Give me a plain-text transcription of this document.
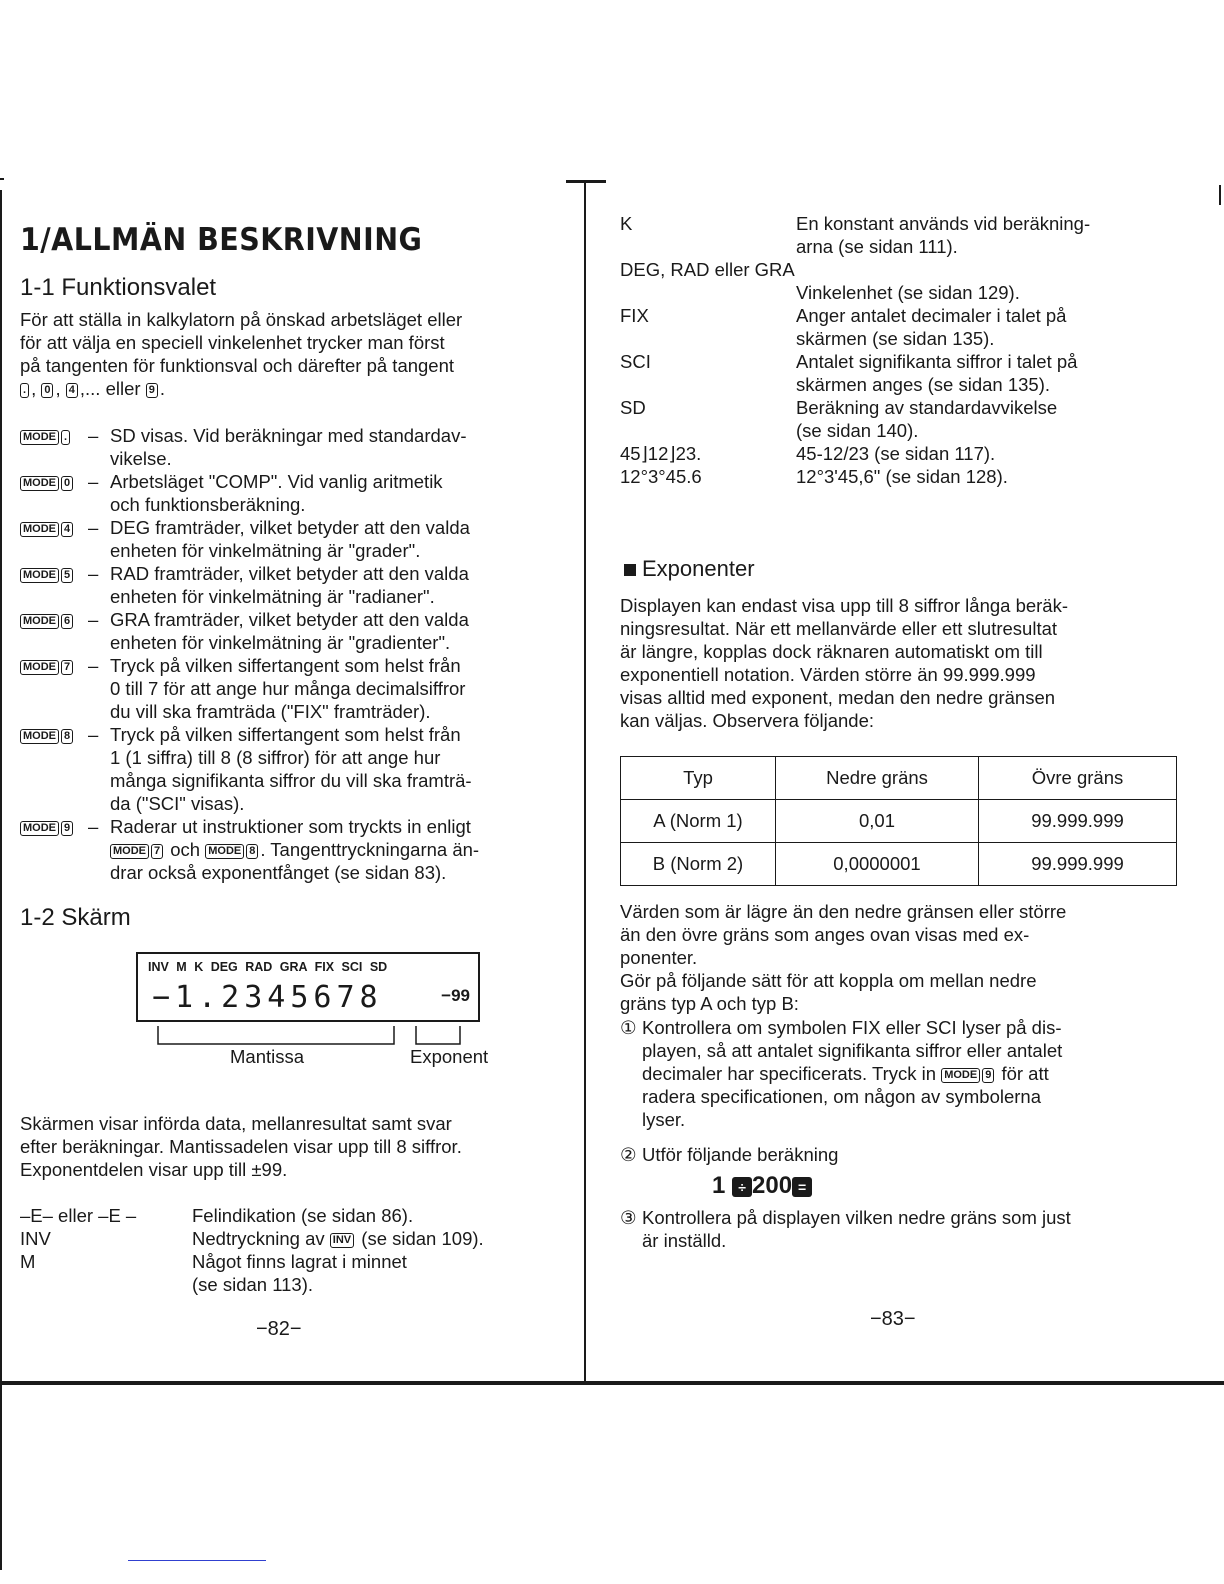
1/ALLMÄN BESKRIVNING
1-1 Funktionsvalet

För att ställa in kalkylatorn på önskad arbetsläget eller

för att välja en speciell vinkelenhet trycker man först

på tangenten för funktionsval och därefter på tangent

. , 0 , 4 ,... eller 9 .

MODE .	– SD visas. Vid beräkningar med standardav-
vikelse.
MODE 0 – Arbetsläget "COMP". Vid vanlig aritmetik
och funktionsberäkning.
MODE 4 – DEG framträder, vilket betyder att den valda
enheten för vinkelmätning är "grader".
MODE 5 – RAD framträder, vilket betyder att den valda
enheten för vinkelmätning är "radianer".
MODE 6 – GRA framträder, vilket betyder att den valda
enheten för vinkelmätning är "gradienter".
MODE 7 – Tryck på vilken siffertangent som helst från
0 till 7 för att ange hur många decimalsiffror
du vill ska framträda ("FIX" framträder).
MODE 8 – Tryck på vilken siffertangent som helst från
1 (1 siffra) till 8 (8 siffror) för att ange hur
många signifikanta siffror du vill ska framträ-
da ("SCI" visas).
MODE 9 – Raderar ut instruktioner som tryckts in enligt
MODE 7 och MODE 8 . Tangenttryckningarna än-
drar också exponentfånget (se sidan 83).
1-2 Skärm
INV M K DEG RAD GRA FIX SCI SD
−1.2345678	−99
Mantissa	Exponent

Skärmen visar införda data, mellanresultat samt svar

efter beräkningar. Mantissadelen visar upp till 8 siffror.

Exponentdelen visar upp till ±99.

–E– eller –E –	Felindikation (se sidan 86).
INV	Nedtryckning av INV (se sidan 109).
M	Något finns lagrat i minnet
(se sidan 113).
−82−
K	En konstant används vid beräkning-
arna (se sidan 111).
DEG, RAD eller GRA
Vinkelenhet (se sidan 129).
FIX	Anger antalet decimaler i talet på
skärmen (se sidan 135).
SCI	Antalet signifikanta siffror i talet på
skärmen anges (se sidan 135).
SD	Beräkning av standardavvikelse
(se sidan 140).
45⌋12⌋23.	45-12/23 (se sidan 117).
12°3°45.6	12°3'45,6" (se sidan 128).
Exponenter

Displayen kan endast visa upp till 8 siffror långa beräk-

ningsresultat. När ett mellanvärde eller ett slutresultat

är längre, kopplas dock räknaren automatiskt om till

exponentiell notation. Värden större än 99.999.999

visas alltid med exponent, medan den nedre gränsen

kan väljas. Observera följande:

Typ	Nedre gräns	Övre gräns
A (Norm 1)	0,01	99.999.999
B (Norm 2)	0,0000001	99.999.999

Värden som är lägre än den nedre gränsen eller större

än den övre gräns som anges ovan visas med ex-

ponenter.

Gör på följande sätt för att koppla om mellan nedre

gräns typ A och typ B:

① Kontrollera om symbolen FIX eller SCI lyser på dis-
playen, så att antalet signifikanta siffror eller antalet
decimaler har specificerats. Tryck in MODE 9 för att
radera specificationen, om någon av symbolerna
lyser.
② Utför följande beräkning
1 ÷ 200 =
③ Kontrollera på displayen vilken nedre gräns som just
är inställd.
−83−
